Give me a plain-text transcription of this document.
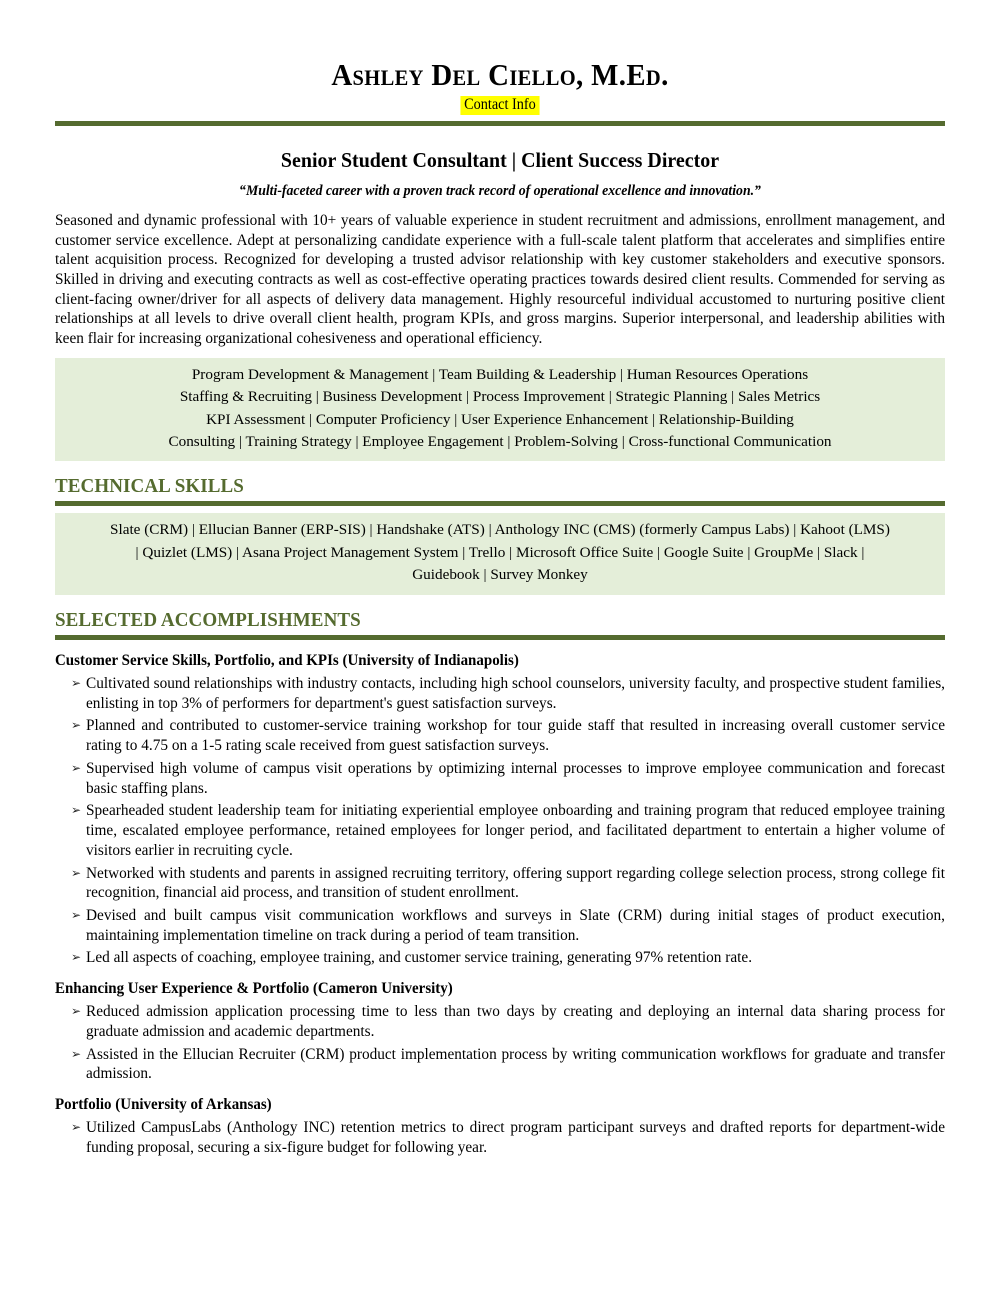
Ashley Del Ciello, M.Ed.
Contact Info
Senior Student Consultant | Client Success Director
“Multi-faceted career with a proven track record of operational excellence and innovation.”
Seasoned and dynamic professional with 10+ years of valuable experience in student recruitment and admissions, enrollment management, and customer service excellence. Adept at personalizing candidate experience with a full-scale talent platform that accelerates and simplifies entire talent acquisition process. Recognized for developing a trusted advisor relationship with key customer stakeholders and executive sponsors. Skilled in driving and executing contracts as well as cost-effective operating practices towards desired client results. Commended for serving as client-facing owner/driver for all aspects of delivery data management. Highly resourceful individual accustomed to nurturing positive client relationships at all levels to drive overall client health, program KPIs, and gross margins. Superior interpersonal, and leadership abilities with keen flair for increasing organizational cohesiveness and operational efficiency.
Program Development & Management | Team Building & Leadership | Human Resources Operations
Staffing & Recruiting | Business Development | Process Improvement | Strategic Planning | Sales Metrics
KPI Assessment | Computer Proficiency | User Experience Enhancement | Relationship-Building
Consulting | Training Strategy | Employee Engagement | Problem-Solving | Cross-functional Communication
TECHNICAL SKILLS
Slate (CRM) | Ellucian Banner (ERP-SIS) | Handshake (ATS) | Anthology INC (CMS) (formerly Campus Labs) | Kahoot (LMS)
| Quizlet (LMS) | Asana Project Management System | Trello | Microsoft Office Suite | Google Suite | GroupMe | Slack |
Guidebook | Survey Monkey
SELECTED ACCOMPLISHMENTS
Customer Service Skills, Portfolio, and KPIs (University of Indianapolis)
➢ Cultivated sound relationships with industry contacts, including high school counselors, university faculty, and prospective student families, enlisting in top 3% of performers for department's guest satisfaction surveys.
➢ Planned and contributed to customer-service training workshop for tour guide staff that resulted in increasing overall customer service rating to 4.75 on a 1-5 rating scale received from guest satisfaction surveys.
➢ Supervised high volume of campus visit operations by optimizing internal processes to improve employee communication and forecast basic staffing plans.
➢ Spearheaded student leadership team for initiating experiential employee onboarding and training program that reduced employee training time, escalated employee performance, retained employees for longer period, and facilitated department to entertain a higher volume of visitors earlier in recruiting cycle.
➢ Networked with students and parents in assigned recruiting territory, offering support regarding college selection process, strong college fit recognition, financial aid process, and transition of student enrollment.
➢ Devised and built campus visit communication workflows and surveys in Slate (CRM) during initial stages of product execution, maintaining implementation timeline on track during a period of team transition.
➢ Led all aspects of coaching, employee training, and customer service training, generating 97% retention rate.
Enhancing User Experience & Portfolio (Cameron University)
➢ Reduced admission application processing time to less than two days by creating and deploying an internal data sharing process for graduate admission and academic departments.
➢ Assisted in the Ellucian Recruiter (CRM) product implementation process by writing communication workflows for graduate and transfer admission.
Portfolio (University of Arkansas)
➢ Utilized CampusLabs (Anthology INC) retention metrics to direct program participant surveys and drafted reports for department-wide funding proposal, securing a six-figure budget for following year.
